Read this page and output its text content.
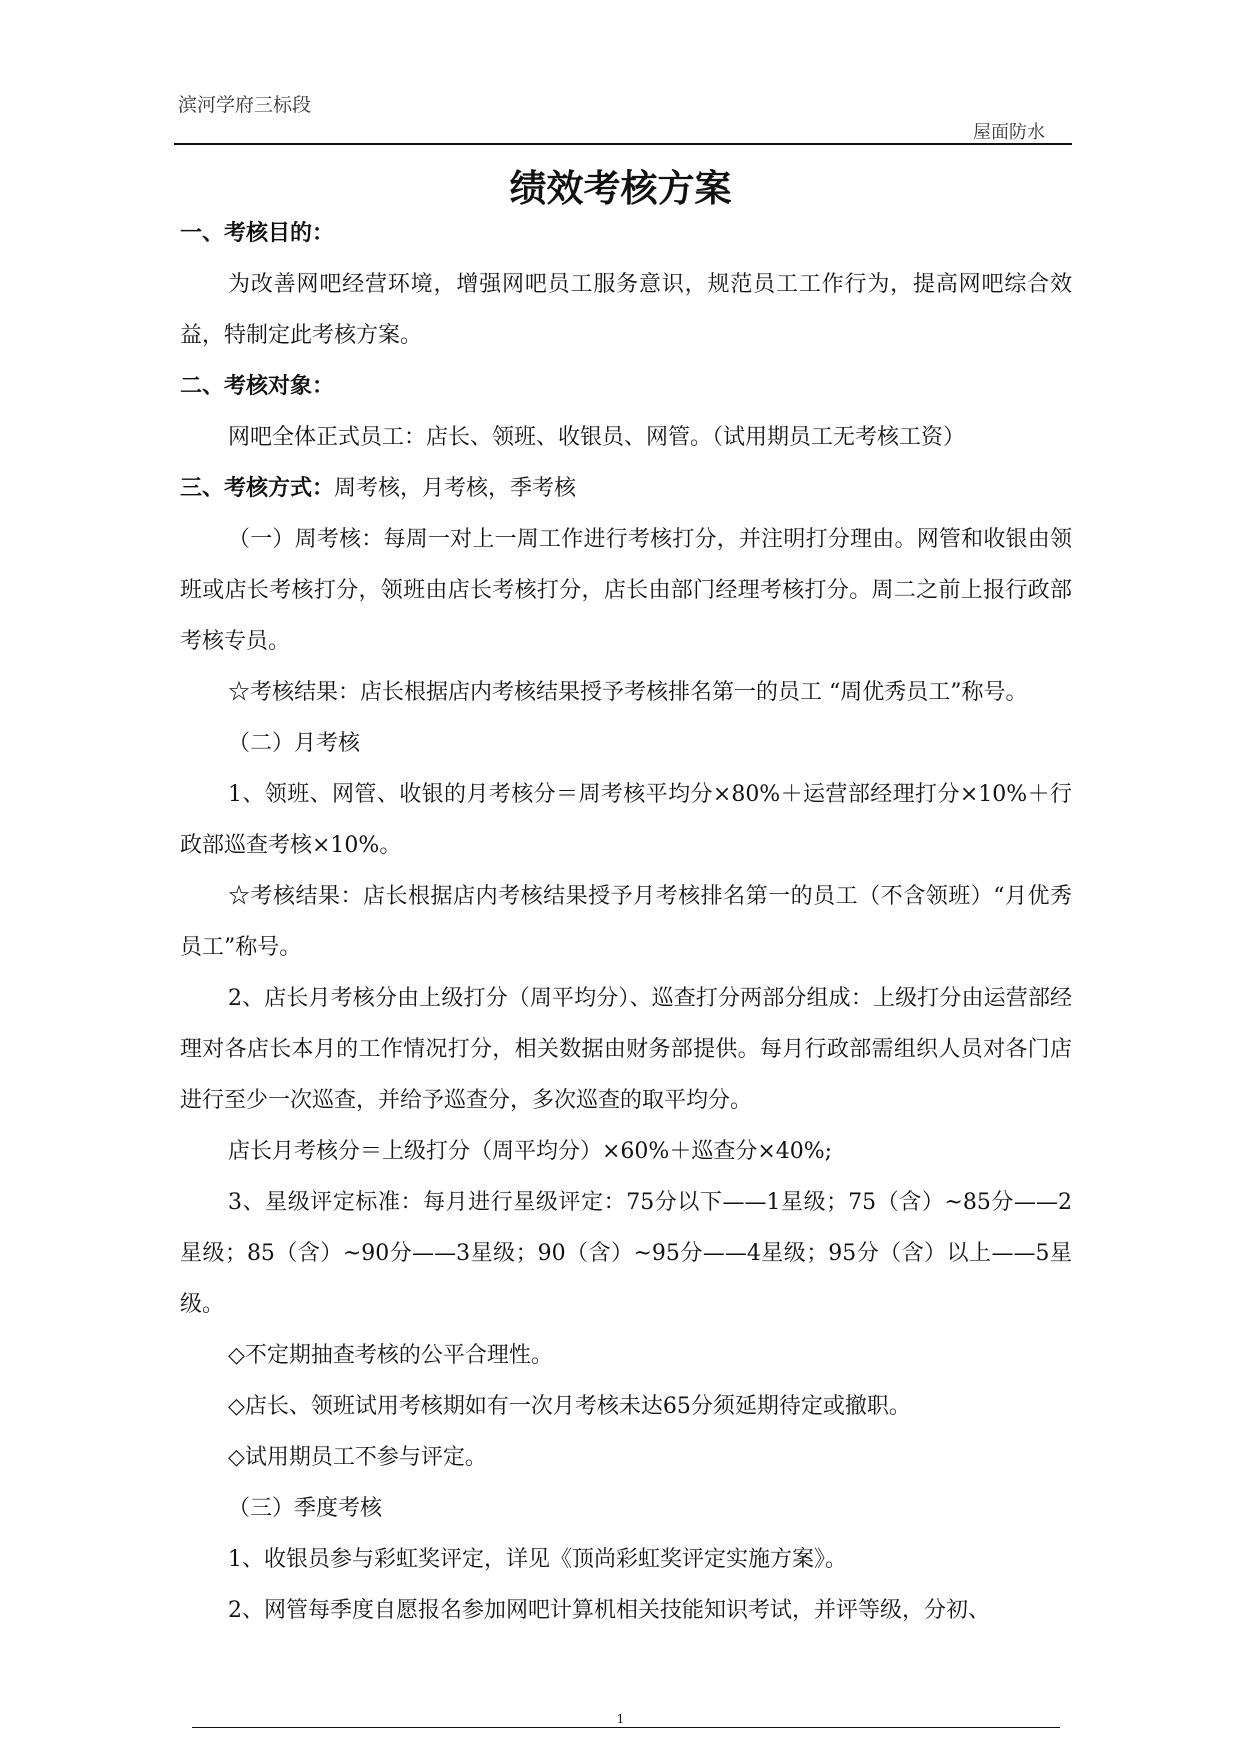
滨河学府三标段
屋面防水
绩效考核方案

一、考核目的：

为改善网吧经营环境，增强网吧员工服务意识，规范员工工作行为，提高网吧综合效益，特制定此考核方案。

二、考核对象：

网吧全体正式员工：店长、领班、收银员、网管。（试用期员工无考核工资）

三、考核方式：周考核，月考核，季考核

（一）周考核：每周一对上一周工作进行考核打分，并注明打分理由。网管和收银由领班或店长考核打分，领班由店长考核打分，店长由部门经理考核打分。周二之前上报行政部考核专员。

☆考核结果：店长根据店内考核结果授予考核排名第一的员工 “周优秀员工”称号。

（二）月考核

1、领班、网管、收银的月考核分＝周考核平均分×80%＋运营部经理打分×10%＋行政部巡查考核×10%。

☆考核结果：店长根据店内考核结果授予月考核排名第一的员工（不含领班）“月优秀员工”称号。

2、店长月考核分由上级打分（周平均分）、巡查打分两部分组成：上级打分由运营部经理对各店长本月的工作情况打分，相关数据由财务部提供。每月行政部需组织人员对各门店进行至少一次巡查，并给予巡查分，多次巡查的取平均分。

店长月考核分＝上级打分（周平均分）×60%＋巡查分×40%;

3、星级评定标准：每月进行星级评定：75分以下——1星级；75（含）~85分——2星级；85（含）~90分——3星级；90（含）~95分——4星级；95分（含）以上——5星级。

◇不定期抽查考核的公平合理性。

◇店长、领班试用考核期如有一次月考核未达65分须延期待定或撤职。

◇试用期员工不参与评定。

（三）季度考核

1、收银员参与彩虹奖评定，详见《顶尚彩虹奖评定实施方案》。

2、网管每季度自愿报名参加网吧计算机相关技能知识考试，并评等级，分初、

1
